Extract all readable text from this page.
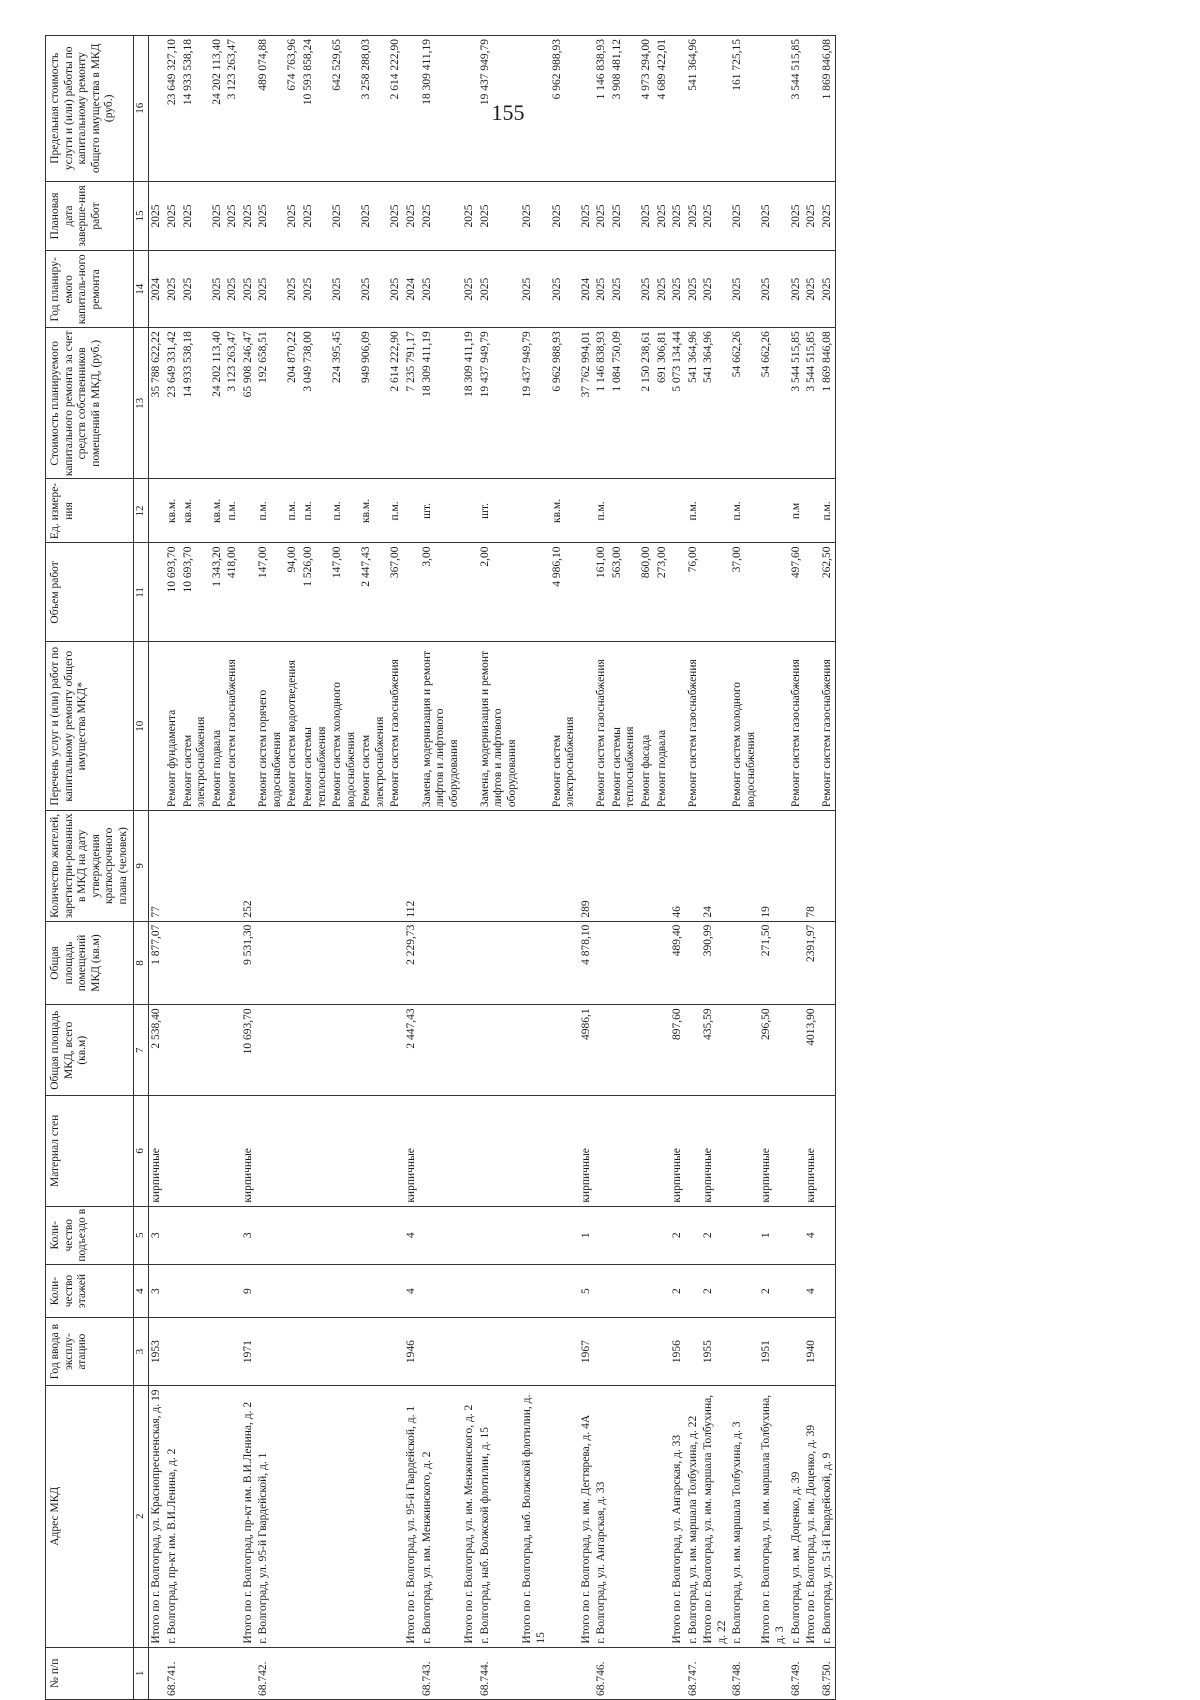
155
№ п/п	Адрес МКД	Год ввода в эксплу-атацию	Коли-чество этажей	Коли-чество подъездо в	Материал стен	Общая площадь МКД, всего (кв.м)	Общая площадь помещений МКД (кв.м)	Количество жителей, зарегистри-рованных в МКД на дату утверждения краткосрочного плана (человек)	Перечень услуг и (или) работ по капитальному ремонту общего имущества МКД*	Объем работ	Ед. измере-ния	Стоимость планируемого капитального ремонта за счет средств собственников помещений в МКД, (руб.)	Год планиру-емого капиталь-ного ремонта	Плановая дата заверше-ния работ	Предельная стоимость услуги и (или) работы по капитальному ремонту общего имущества в МКД (руб.)
1	2	3	4	5	6	7	8	9	10	11	12	13	14	15	16
	Итого по г. Волгоград, ул. Краснопресненская, д. 19	1953	3	3	кирпичные	2 538,40	1 877,07	77				35 788 622,22	2024	2025	
68.741.	г. Волгоград, пр-кт им. В.И.Ленина, д. 2								Ремонт фундамента	10 693,70	кв.м.	23 649 331,42	2025	2025	23 649 327,10
									Ремонт систем электроснабжения	10 693,70	кв.м.	14 933 538,18	2025	2025	14 933 538,18
									Ремонт подвала	1 343,20	кв.м.	24 202 113,40	2025	2025	24 202 113,40
									Ремонт систем газоснабжения	418,00	п.м.	3 123 263,47	2025	2025	3 123 263,47
	Итого по г. Волгоград, пр-кт им. В.И.Ленина, д. 2	1971	9	3	кирпичные	10 693,70	9 531,30	252				65 908 246,47	2025	2025	
68.742.	г. Волгоград, ул. 95-й Гвардейской, д. 1								Ремонт систем горячего водоснабжения	147,00	п.м.	192 658,51	2025	2025	489 074,88
									Ремонт систем водоотведения	94,00	п.м.	204 870,22	2025	2025	674 763,96
									Ремонт системы теплоснабжения	1 526,00	п.м.	3 049 738,00	2025	2025	10 593 858,24
									Ремонт систем холодного водоснабжения	147,00	п.м.	224 395,45	2025	2025	642 529,65
									Ремонт систем электроснабжения	2 447,43	кв.м.	949 906,09	2025	2025	3 258 288,03
									Ремонт систем газоснабжения	367,00	п.м.	2 614 222,90	2025	2025	2 614 222,90
	Итого по г. Волгоград, ул. 95-й Гвардейской, д. 1	1946	4	4	кирпичные	2 447,43	2 229,73	112				7 235 791,17	2024	2025	
68.743.	г. Волгоград, ул. им. Менжинского, д. 2								Замена, модернизация и ремонт лифтов и лифтового оборудования	3,00	шт.	18 309 411,19	2025	2025	18 309 411,19
	Итого по г. Волгоград, ул. им. Менжинского, д. 2											18 309 411,19	2025	2025	
68.744.	г. Волгоград, наб. Волжской флотилии, д. 15								Замена, модернизация и ремонт лифтов и лифтового оборудования	2,00	шт.	19 437 949,79	2025	2025	19 437 949,79
	Итого по г. Волгоград, наб. Волжской флотилии, д. 15											19 437 949,79	2025	2025	
									Ремонт систем электроснабжения	4 986,10	кв.м.	6 962 988,93	2025	2025	6 962 988,93
	Итого по г. Волгоград, ул. им. Дегтярева, д. 4А	1967	5	1	кирпичные	4986,1	4 878,10	289				37 762 994,01	2024	2025	
68.746.	г. Волгоград, ул. Ангарская, д. 33								Ремонт систем газоснабжения	161,00	п.м.	1 146 838,93	2025	2025	1 146 838,93
									Ремонт системы теплоснабжения	563,00		1 084 750,09	2025	2025	3 908 481,12
									Ремонт фасада	860,00		2 150 238,61	2025	2025	4 973 294,00
									Ремонт подвала	273,00		691 306,81	2025	2025	4 689 422,01
	Итого по г. Волгоград, ул. Ангарская, д. 33	1956	2	2	кирпичные	897,60	489,40	46				5 073 134,44	2025	2025	
68.747.	г. Волгоград, ул. им. маршала Толбухина, д. 22								Ремонт систем газоснабжения	76,00	п.м.	541 364,96	2025	2025	541 364,96
	Итого по г. Волгоград, ул. им. маршала Толбухина, д. 22	1955	2	2	кирпичные	435,59	390,99	24				541 364,96	2025	2025	
68.748.	г. Волгоград, ул. им. маршала Толбухина, д. 3								Ремонт систем холодного водоснабжения	37,00	п.м.	54 662,26	2025	2025	161 725,15
	Итого по г. Волгоград, ул. им. маршала Толбухина, д. 3	1951	2	1	кирпичные	296,50	271,50	19				54 662,26	2025	2025	
68.749.	г. Волгоград, ул. им. Доценко, д. 39								Ремонт систем газоснабжения	497,60	п.м	3 544 515,85	2025	2025	3 544 515,85
	Итого по г. Волгоград, ул. им. Доценко, д. 39	1940	4	4	кирпичные	4013,90	2391,97	78				3 544 515,85	2025	2025	
68.750.	г. Волгоград, ул. 51-й Гвардейской, д. 9								Ремонт систем газоснабжения	262,50	п.м.	1 869 846,08	2025	2025	1 869 846,08
